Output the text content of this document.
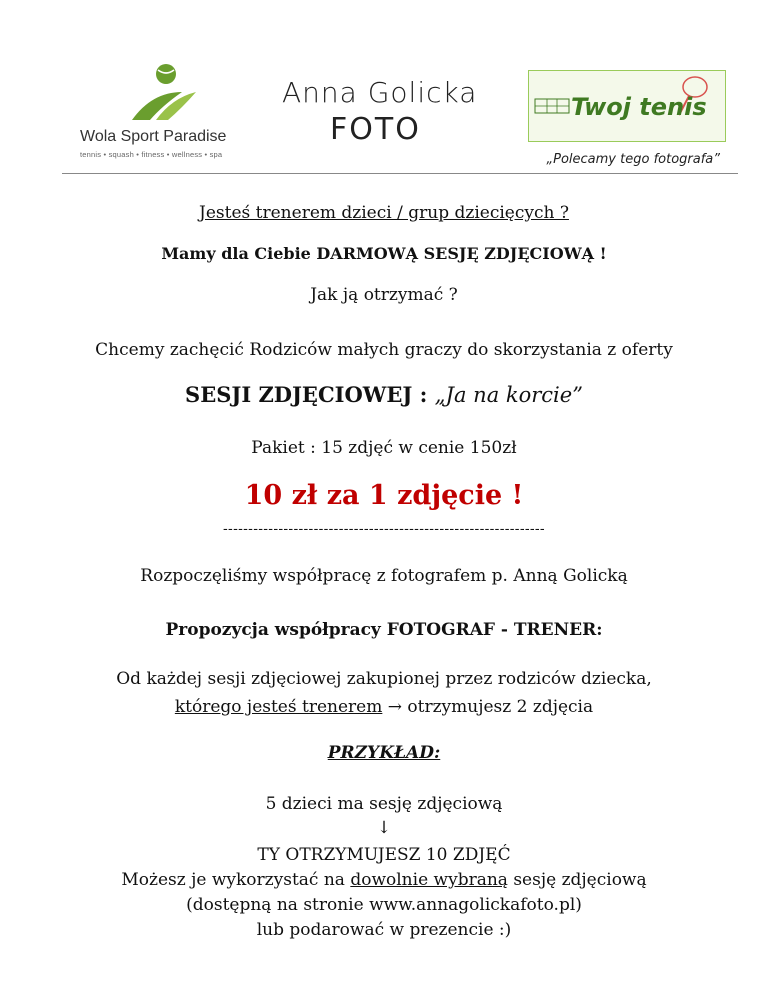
Wola Sport Paradise
tennis • squash • fitness • wellness • spa
Anna Golicka
FOTO
Twoj tenis
„Polecamy tego fotografa”
Jesteś trenerem dzieci / grup dziecięcych ?
Mamy dla Ciebie DARMOWĄ SESJĘ ZDJĘCIOWĄ !
Jak ją otrzymać ?
Chcemy zachęcić Rodziców małych graczy do skorzystania z oferty
SESJI ZDJĘCIOWEJ : „Ja na korcie”
Pakiet : 15 zdjęć w cenie 150zł
10 zł za 1 zdjęcie !
----------------------------------------------------------------
Rozpoczęliśmy współpracę z fotografem p. Anną Golicką
Propozycja współpracy FOTOGRAF - TRENER:
Od każdej sesji zdjęciowej zakupionej przez rodziców dziecka,
którego jesteś trenerem → otrzymujesz 2 zdjęcia
PRZYKŁAD:
5 dzieci ma sesję zdjęciową
↓
TY OTRZYMUJESZ 10 ZDJĘĆ
Możesz je wykorzystać na dowolnie wybraną sesję zdjęciową
(dostępną na stronie www.annagolickafoto.pl)
lub podarować w prezencie :)
